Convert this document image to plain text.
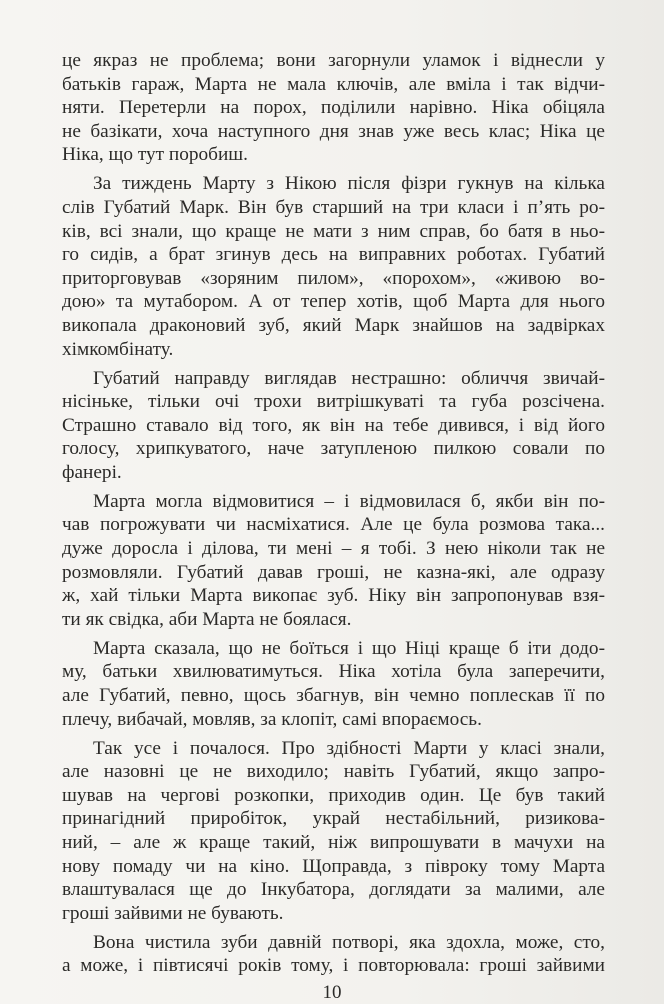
це якраз не проблема; вони загорнули уламок і віднесли у
батьків гараж, Марта не мала ключів, але вміла і так відчи-
няти. Перетерли на порох, поділили нарівно. Ніка обіцяла
не базікати, хоча наступного дня знав уже весь клас; Ніка це
Ніка, що тут поробиш.
За тиждень Марту з Нікою після фізри гукнув на кілька
слів Губатий Марк. Він був старший на три класи і п’ять ро-
ків, всі знали, що краще не мати з ним справ, бо батя в ньо-
го сидів, а брат згинув десь на виправних роботах. Губатий
приторговував «зоряним пилом», «порохом», «живою во-
дою» та мутабором. А от тепер хотів, щоб Марта для нього
викопала драконовий зуб, який Марк знайшов на задвірках
хімкомбінату.
Губатий направду виглядав нестрашно: обличчя звичай-
нісіньке, тільки очі трохи витрішкуваті та губа розсічена.
Страшно ставало від того, як він на тебе дивився, і від його
голосу, хрипкуватого, наче затупленою пилкою совали по
фанері.
Марта могла відмовитися – і відмовилася б, якби він по-
чав погрожувати чи насміхатися. Але це була розмова така...
дуже доросла і ділова, ти мені – я тобі. З нею ніколи так не
розмовляли. Губатий давав гроші, не казна-які, але одразу
ж, хай тільки Марта викопає зуб. Ніку він запропонував взя-
ти як свідка, аби Марта не боялася.
Марта сказала, що не боїться і що Ніці краще б іти додо-
му, батьки хвилюватимуться. Ніка хотіла була заперечити,
але Губатий, певно, щось збагнув, він чемно поплескав її по
плечу, вибачай, мовляв, за клопіт, самі впораємось.
Так усе і почалося. Про здібності Марти у класі знали,
але назовні це не виходило; навіть Губатий, якщо запро-
шував на чергові розкопки, приходив один. Це був такий
принагідний приробіток, украй нестабільний, ризикова-
ний, – але ж краще такий, ніж випрошувати в мачухи на
нову помаду чи на кіно. Щоправда, з півроку тому Марта
влаштувалася ще до Інкубатора, доглядати за малими, але
гроші зайвими не бувають.
Вона чистила зуби давній потворі, яка здохла, може, сто,
а може, і півтисячі років тому, і повторювала: гроші зайвими
10
